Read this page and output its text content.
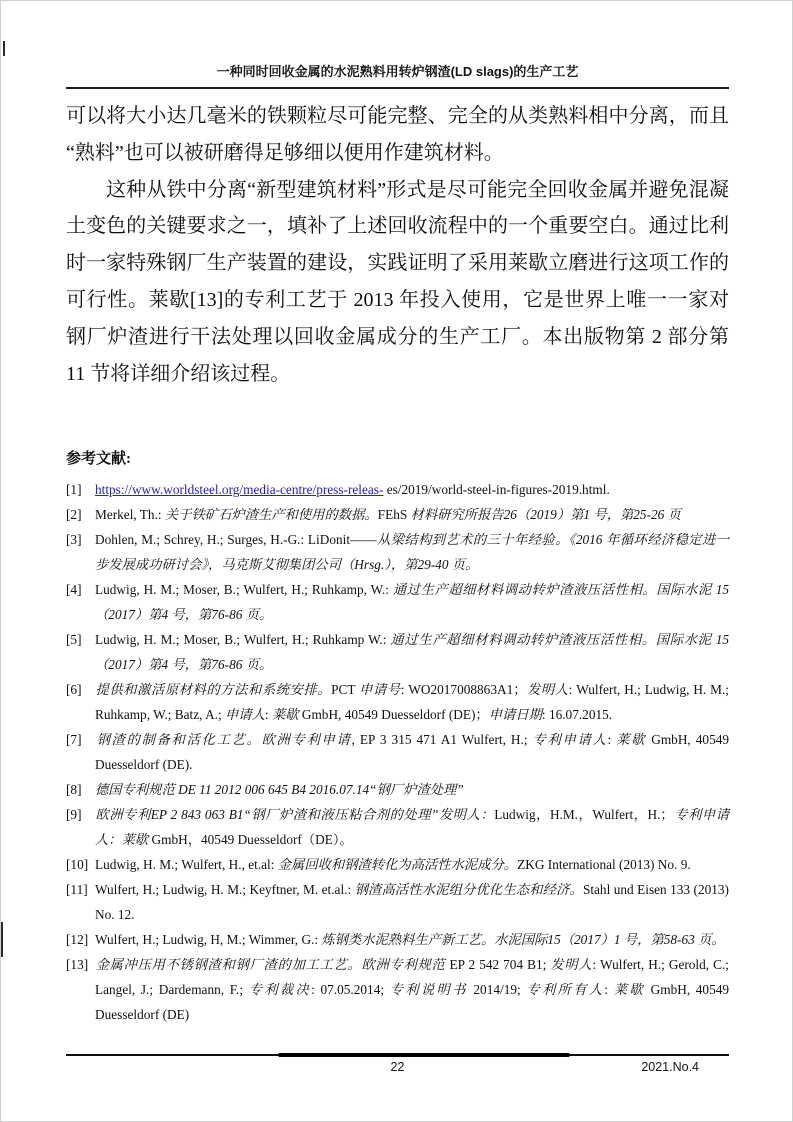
一种同时回收金属的水泥熟料用转炉钢渣(LD slags)的生产工艺

可以将大小达几毫米的铁颗粒尽可能完整、完全的从类熟料相中分离，而且“熟料”也可以被研磨得足够细以便用作建筑材料。

这种从铁中分离“新型建筑材料”形式是尽可能完全回收金属并避免混凝土变色的关键要求之一，填补了上述回收流程中的一个重要空白。通过比利时一家特殊钢厂生产装置的建设，实践证明了采用莱歇立磨进行这项工作的可行性。莱歇[13]的专利工艺于 2013 年投入使用，它是世界上唯一一家对钢厂炉渣进行干法处理以回收金属成分的生产工厂。本出版物第 2 部分第 11 节将详细介绍该过程。

参考文献:
[1] https://www.worldsteel.org/media-centre/press-releas- es/2019/world-steel-in-figures-2019.html.
[2] Merkel, Th.: 关于铁矿石炉渣生产和使用的数据。FEhS 材料研究所报告26（2019）第1 号，第25-26 页
[3] Dohlen, M.; Schrey, H.; Surges, H.-G.: LiDonit——从梁结构到艺术的三十年经验。《2016 年循环经济稳定进一步发展成功研讨会》，马克斯艾彻集团公司（Hrsg.），第29-40 页。
[4] Ludwig, H. M.; Moser, B.; Wulfert, H.; Ruhkamp, W.: 通过生产超细材料调动转炉渣液压活性相。国际水泥 15（2017）第4 号，第76-86 页。
[5] Ludwig, H. M.; Moser, B.; Wulfert, H.; Ruhkamp W.: 通过生产超细材料调动转炉渣液压活性相。国际水泥 15（2017）第4 号，第76-86 页。
[6] 提供和激活原材料的方法和系统安排。PCT 申请号: WO2017008863A1；发明人: Wulfert, H.; Ludwig, H. M.; Ruhkamp, W.; Batz, A.; 申请人: 莱歇 GmbH, 40549 Duesseldorf (DE)；申请日期: 16.07.2015.
[7] 钢渣的制备和活化工艺。欧洲专利申请, EP 3 315 471 A1 Wulfert, H.; 专利申请人: 莱歇 GmbH, 40549 Duesseldorf (DE).
[8] 德国专利规范 DE 11 2012 006 645 B4 2016.07.14“钢厂炉渣处理”
[9] 欧洲专利EP 2 843 063 B1“钢厂炉渣和液压粘合剂的处理”发明人：Ludwig，H.M.，Wulfert，H.；专利申请人：莱歇 GmbH，40549 Duesseldorf（DE）。
[10] Ludwig, H. M.; Wulfert, H., et.al: 金属回收和钢渣转化为高活性水泥成分。ZKG International (2013) No. 9.
[11] Wulfert, H.; Ludwig, H. M.; Keyftner, M. et.al.: 钢渣高活性水泥组分优化生态和经济。Stahl und Eisen 133 (2013) No. 12.
[12] Wulfert, H.; Ludwig, H, M.; Wimmer, G.: 炼钢类水泥熟料生产新工艺。水泥国际15（2017）1 号，第58-63 页。
[13] 金属冲压用不锈钢渣和钢厂渣的加工工艺。欧洲专利规范 EP 2 542 704 B1; 发明人: Wulfert, H.; Gerold, C.; Langel, J.; Dardemann, F.; 专利裁决: 07.05.2014; 专利说明书 2014/19; 专利所有人: 莱歇 GmbH, 40549 Duesseldorf (DE)
22	2021.No.4
